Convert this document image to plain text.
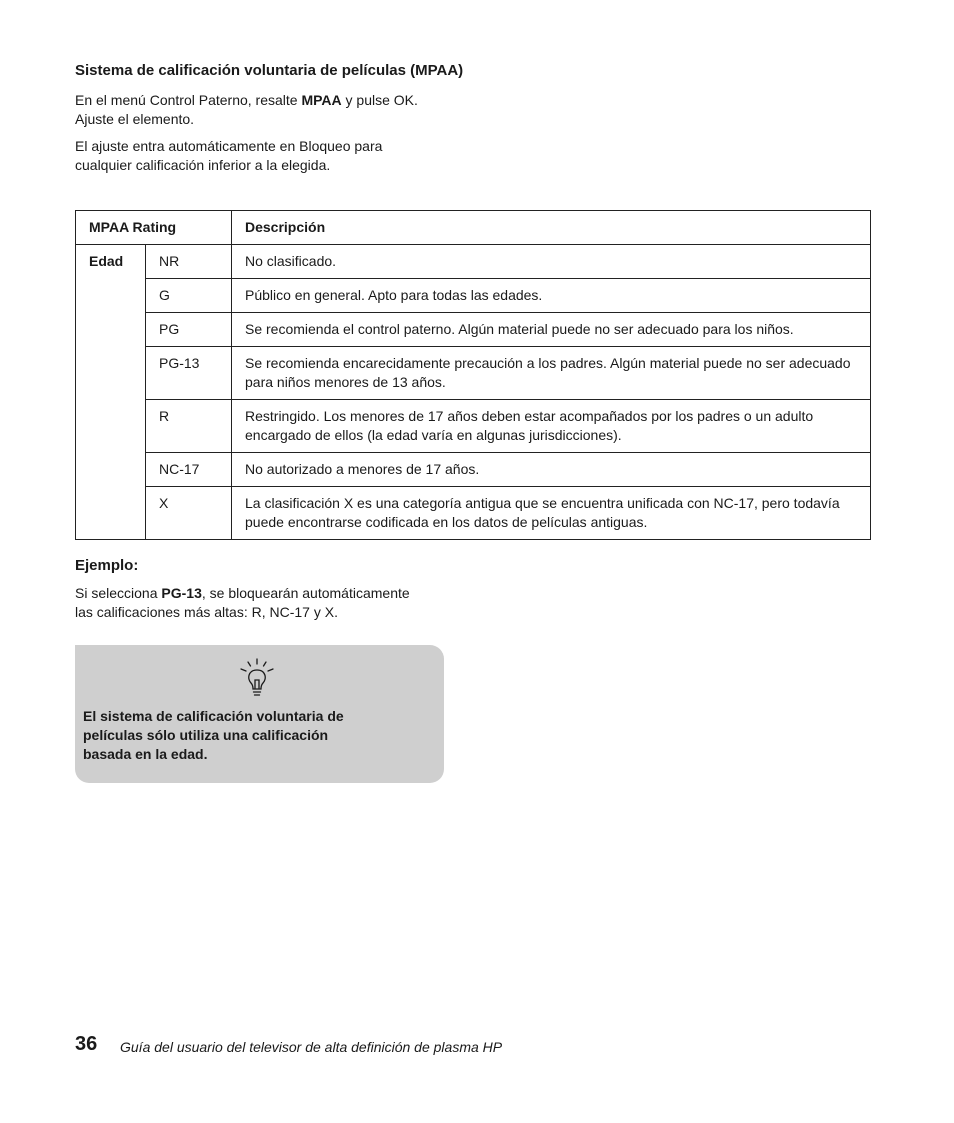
Sistema de calificación voluntaria de películas (MPAA)

En el menú Control Paterno, resalte MPAA y pulse OK.
Ajuste el elemento.

El ajuste entra automáticamente en Bloqueo para
cualquier calificación inferior a la elegida.

MPAA Rating		Descripción
Edad	NR	No clasificado.
	G	Público en general. Apto para todas las edades.
	PG	Se recomienda el control paterno. Algún material puede no ser adecuado para los niños.
	PG-13	Se recomienda encarecidamente precaución a los padres. Algún material puede no ser adecuado para niños menores de 13 años.
	R	Restringido. Los menores de 17 años deben estar acompañados por los padres o un adulto encargado de ellos (la edad varía en algunas jurisdicciones).
	NC-17	No autorizado a menores de 17 años.
	X	La clasificación X es una categoría antigua que se encuentra unificada con NC-17, pero todavía puede encontrarse codificada en los datos de películas antiguas.
Ejemplo:

Si selecciona PG-13, se bloquearán automáticamente
las calificaciones más altas: R, NC-17 y X.

El sistema de calificación voluntaria de
películas sólo utiliza una calificación
basada en la edad.

36 Guía del usuario del televisor de alta definición de plasma HP
